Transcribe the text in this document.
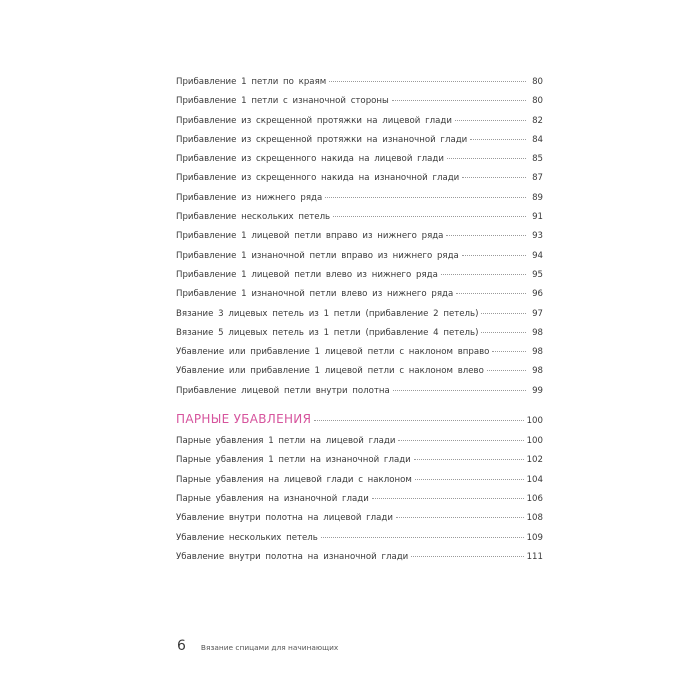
Прибавление 1 петли по краям	80
Прибавление 1 петли с изнаночной стороны	80
Прибавление из скрещенной протяжки на лицевой глади	82
Прибавление из скрещенной протяжки на изнаночной глади	84
Прибавление из скрещенного накида на лицевой глади	85
Прибавление из скрещенного накида на изнаночной глади	87
Прибавление из нижнего ряда	89
Прибавление нескольких петель	91
Прибавление 1 лицевой петли вправо из нижнего ряда	93
Прибавление 1 изнаночной петли вправо из нижнего ряда	94
Прибавление 1 лицевой петли влево из нижнего ряда	95
Прибавление 1 изнаночной петли влево из нижнего ряда	96
Вязание 3 лицевых петель из 1 петли (прибавление 2 петель)	97
Вязание 5 лицевых петель из 1 петли (прибавление 4 петель)	98
Убавление или прибавление 1 лицевой петли с наклоном вправо	98
Убавление или прибавление 1 лицевой петли с наклоном влево	98
Прибавление лицевой петли внутри полотна	99
ПАРНЫЕ УБАВЛЕНИЯ	100
Парные убавления 1 петли на лицевой глади	100
Парные убавления 1 петли на изнаночной глади	102
Парные убавления на лицевой глади с наклоном	104
Парные убавления на изнаночной глади	106
Убавление внутри полотна на лицевой глади	108
Убавление нескольких петель	109
Убавление внутри полотна на изнаночной глади	111
6 Вязание спицами для начинающих
